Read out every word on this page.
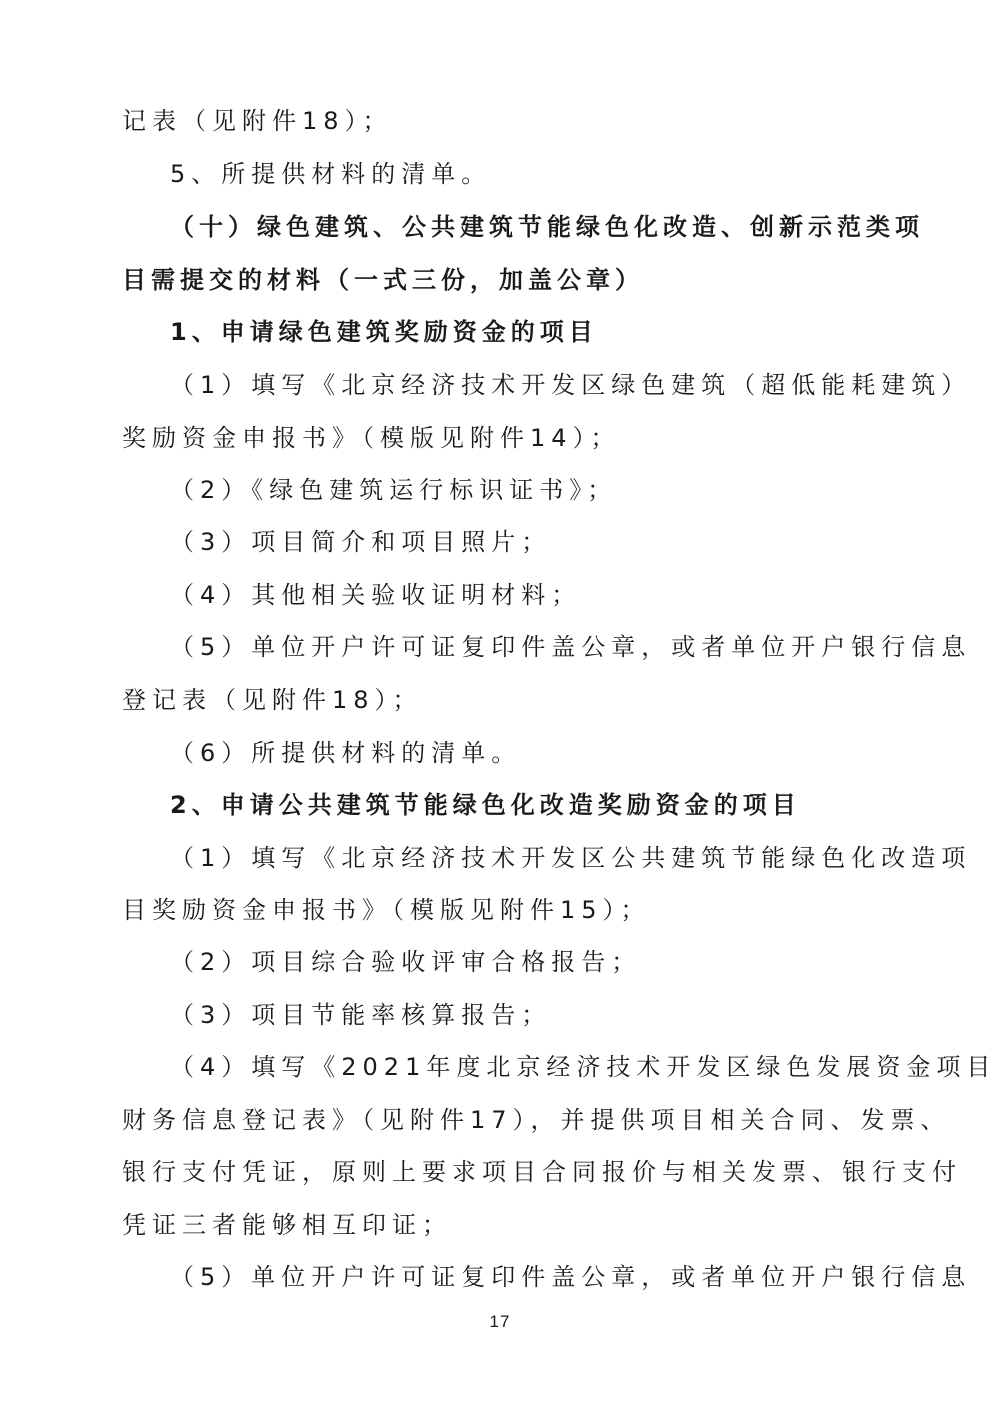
记表（见附件18）；
5、所提供材料的清单。
（十）绿色建筑、公共建筑节能绿色化改造、创新示范类项
目需提交的材料（一式三份，加盖公章）
1、申请绿色建筑奖励资金的项目
（1）填写《北京经济技术开发区绿色建筑（超低能耗建筑）
奖励资金申报书》（模版见附件14）；
（2）《绿色建筑运行标识证书》；
（3）项目简介和项目照片；
（4）其他相关验收证明材料；
（5）单位开户许可证复印件盖公章，或者单位开户银行信息
登记表（见附件18）；
（6）所提供材料的清单。
2、申请公共建筑节能绿色化改造奖励资金的项目
（1）填写《北京经济技术开发区公共建筑节能绿色化改造项
目奖励资金申报书》（模版见附件15）；
（2）项目综合验收评审合格报告；
（3）项目节能率核算报告；
（4）填写《2021年度北京经济技术开发区绿色发展资金项目
财务信息登记表》（见附件17），并提供项目相关合同、发票、
银行支付凭证，原则上要求项目合同报价与相关发票、银行支付
凭证三者能够相互印证；
（5）单位开户许可证复印件盖公章，或者单位开户银行信息
17
